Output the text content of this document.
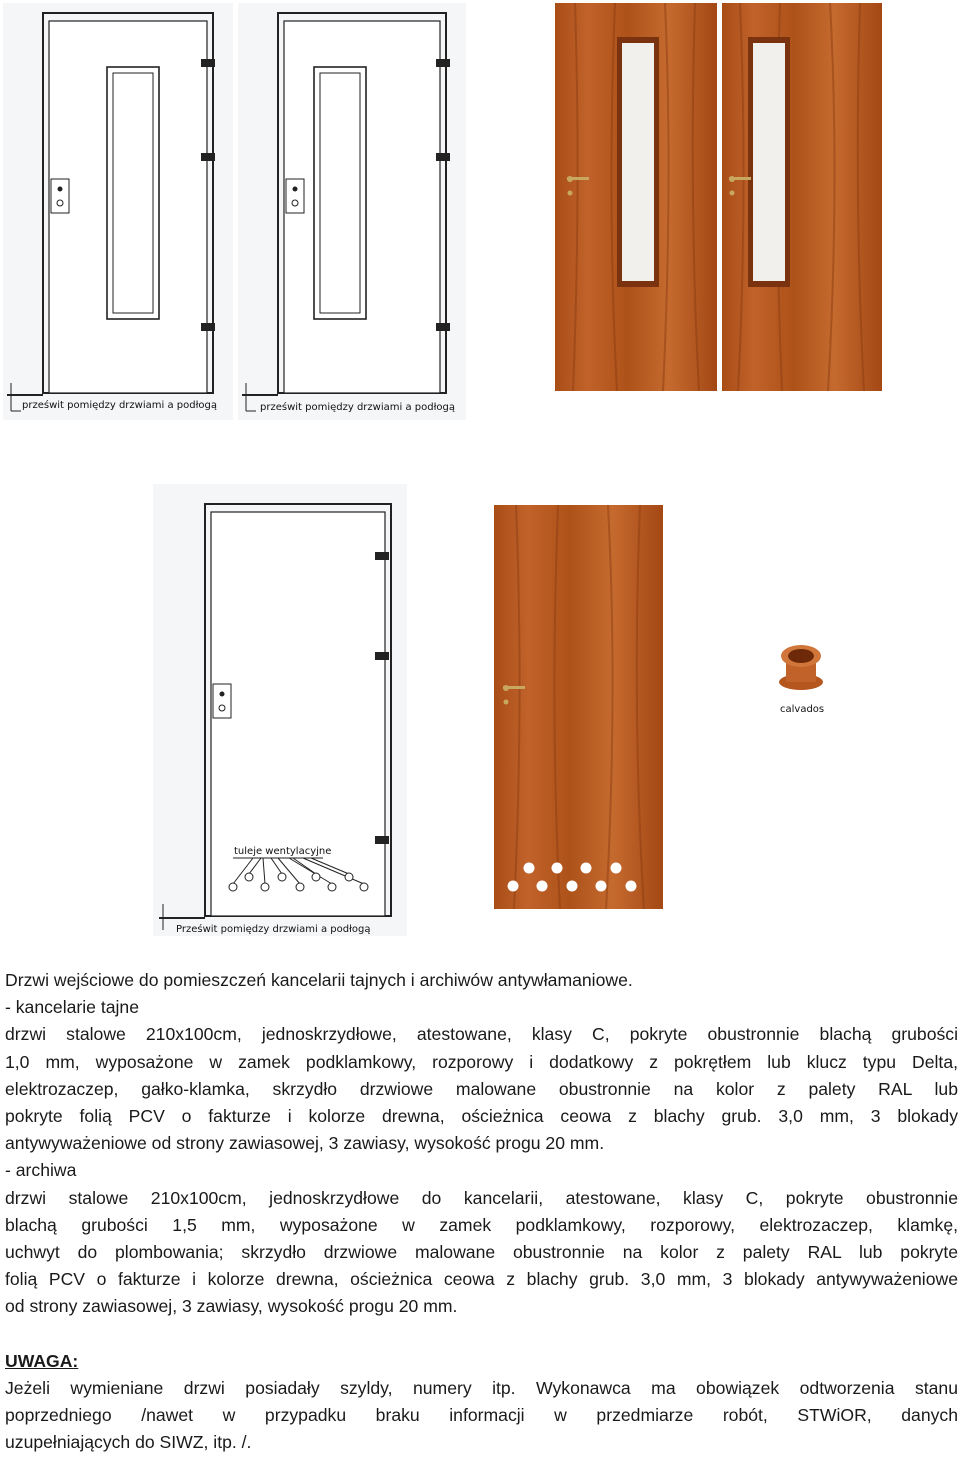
prześwit pomiędzy drzwiami a podłogą	prześwit pomiędzy drzwiami a podłogą
tuleje wentylacyjne
Prześwit pomiędzy drzwiami a podłogą
calvados

Drzwi wejściowe do pomieszczeń kancelarii tajnych i archiwów antywłamaniowe.

- kancelarie tajne

drzwi stalowe 210x100cm, jednoskrzydłowe, atestowane, klasy C, pokryte obustronnie blachą grubości

1,0 mm, wyposażone w zamek podklamkowy, rozporowy i dodatkowy z pokrętłem lub klucz typu Delta,

elektrozaczep, gałko-klamka, skrzydło drzwiowe malowane obustronnie na kolor z palety RAL lub

pokryte folią PCV o fakturze i kolorze drewna, ościeżnica ceowa z blachy grub. 3,0 mm, 3 blokady

antywyważeniowe od strony zawiasowej, 3 zawiasy, wysokość progu 20 mm.

- archiwa

drzwi stalowe 210x100cm, jednoskrzydłowe do kancelarii, atestowane, klasy C, pokryte obustronnie

blachą grubości 1,5 mm, wyposażone w zamek podklamkowy, rozporowy, elektrozaczep, klamkę,

uchwyt do plombowania; skrzydło drzwiowe malowane obustronnie na kolor z palety RAL lub pokryte

folią PCV o fakturze i kolorze drewna, ościeżnica ceowa z blachy grub. 3,0 mm, 3 blokady antywyważeniowe

od strony zawiasowej, 3 zawiasy, wysokość progu 20 mm.

UWAGA:

Jeżeli wymieniane drzwi posiadały szyldy, numery itp. Wykonawca ma obowiązek odtworzenia stanu

poprzedniego /nawet w przypadku braku informacji w przedmiarze robót, STWiOR, danych

uzupełniających do SIWZ, itp. /.
